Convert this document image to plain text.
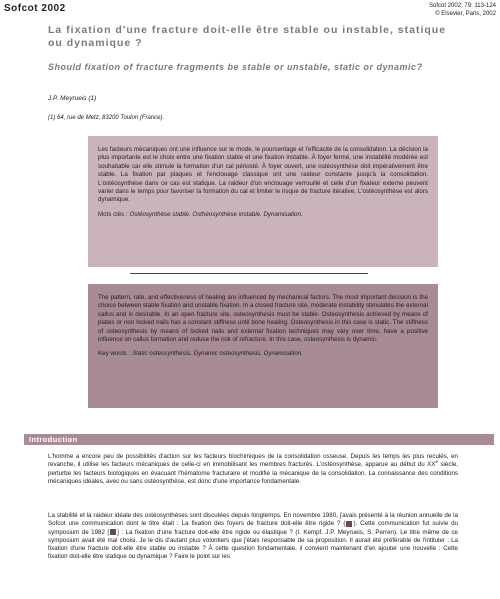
Sofcot 2002	Sofcot 2002; 79: 113-124
© Elsevier, Paris, 2002
La fixation d'une fracture doit-elle être stable ou instable, statique ou dynamique ?
Should fixation of fracture fragments be stable or unstable, static or dynamic?
J.P. Meyrueis (1)
(1) 64, rue de Metz, 83200 Toulon (France).
Les facteurs mécaniques ont une influence sur le mode, le pourcentage et l'efficacité de la consolidation. La décision la plus importante est le choix entre une fixation stable et une fixation instable. À foyer fermé, une instabilité modérée est souhaitable car elle stimule la formation d'un cal périosté. À foyer ouvert, une ostéosynthèse doit impérativement être stable. La fixation par plaques et l'enclouage classique ont une raideur constante jusqu'à la consolidation. L'ostéosynthèse dans ce cas est statique. La raideur d'un enclouage verrouillé et celle d'un fixateur externe peuvent varier dans le temps pour favoriser la formation du cal et limiter le risque de fracture itérative. L'ostéosynthèse est alors dynamique.
Mots clés : Ostéosynthèse stable. Osthéosynthèse instable. Dynamisation.
The pattern, rate, and effectiveness of healing are influenced by mechanical factors. The most important decision is the choice between stable fixation and unstable fixation. In a closed fracture site, moderate instability stimulates the external callus and is desirable. In an open fracture site, osteosynthesis must be stable. Osteosynthesis achieved by means of plates or non locked nails has a constant stiffness until bone healing. Osteosynthesis in this case is static. The stiffness of osteosynthesis by means of locked nails and external fixation techniques may vary over time, have a positive influence on callus formation and reduce the risk of refracture. In this case, osteosynthesis is dynamic.
Key words : Static osteosynthesis. Dynamic osteosynthesis. Dynamisation.
Introduction
L'homme a encore peu de possibilités d'action sur les facteurs biochimiques de la consolidation osseuse. Depuis les temps les plus reculés, en revanche, il utilise les facteurs mécaniques de celle-ci en immobilisant les membres fracturés. L'ostéosynthèse, apparue au début du XXe siècle, perturbe les facteurs biologiques en évacuant l'hématome fracturaire et modifie la mécanique de la consolidation. La connaissance des conditions mécaniques idéales, avec ou sans ostéosynthèse, est donc d'une importance fondamentale.
La stabilité et la raideur idéale des ostéosynthèses sont discutées depuis longtemps. En novembre 1980, j'avais présenté à la réunion annuelle de la Sofcot une communication dont le titre était : La fixation des foyers de fracture doit-elle être rigide ? ( ). Cette communication fut suivie du symposium de 1982 [ ] : La fixation d'une fracture doit-elle être rigide ou élastique ? (I. Kempf, J.P. Meyrueis, S. Perren). Le titre même de ce symposium avait été mal choisi. Je le dis d'autant plus volontiers que j'étais responsable de sa proposition. Il aurait été préférable de l'intituler : La fixation d'une fracture doit-elle être stable ou instable ? À cette question fondamentale, il convient maintenant d'en ajouter une nouvelle : Cette fixation doit-elle être statique ou dynamique ? Faire le point sur les
